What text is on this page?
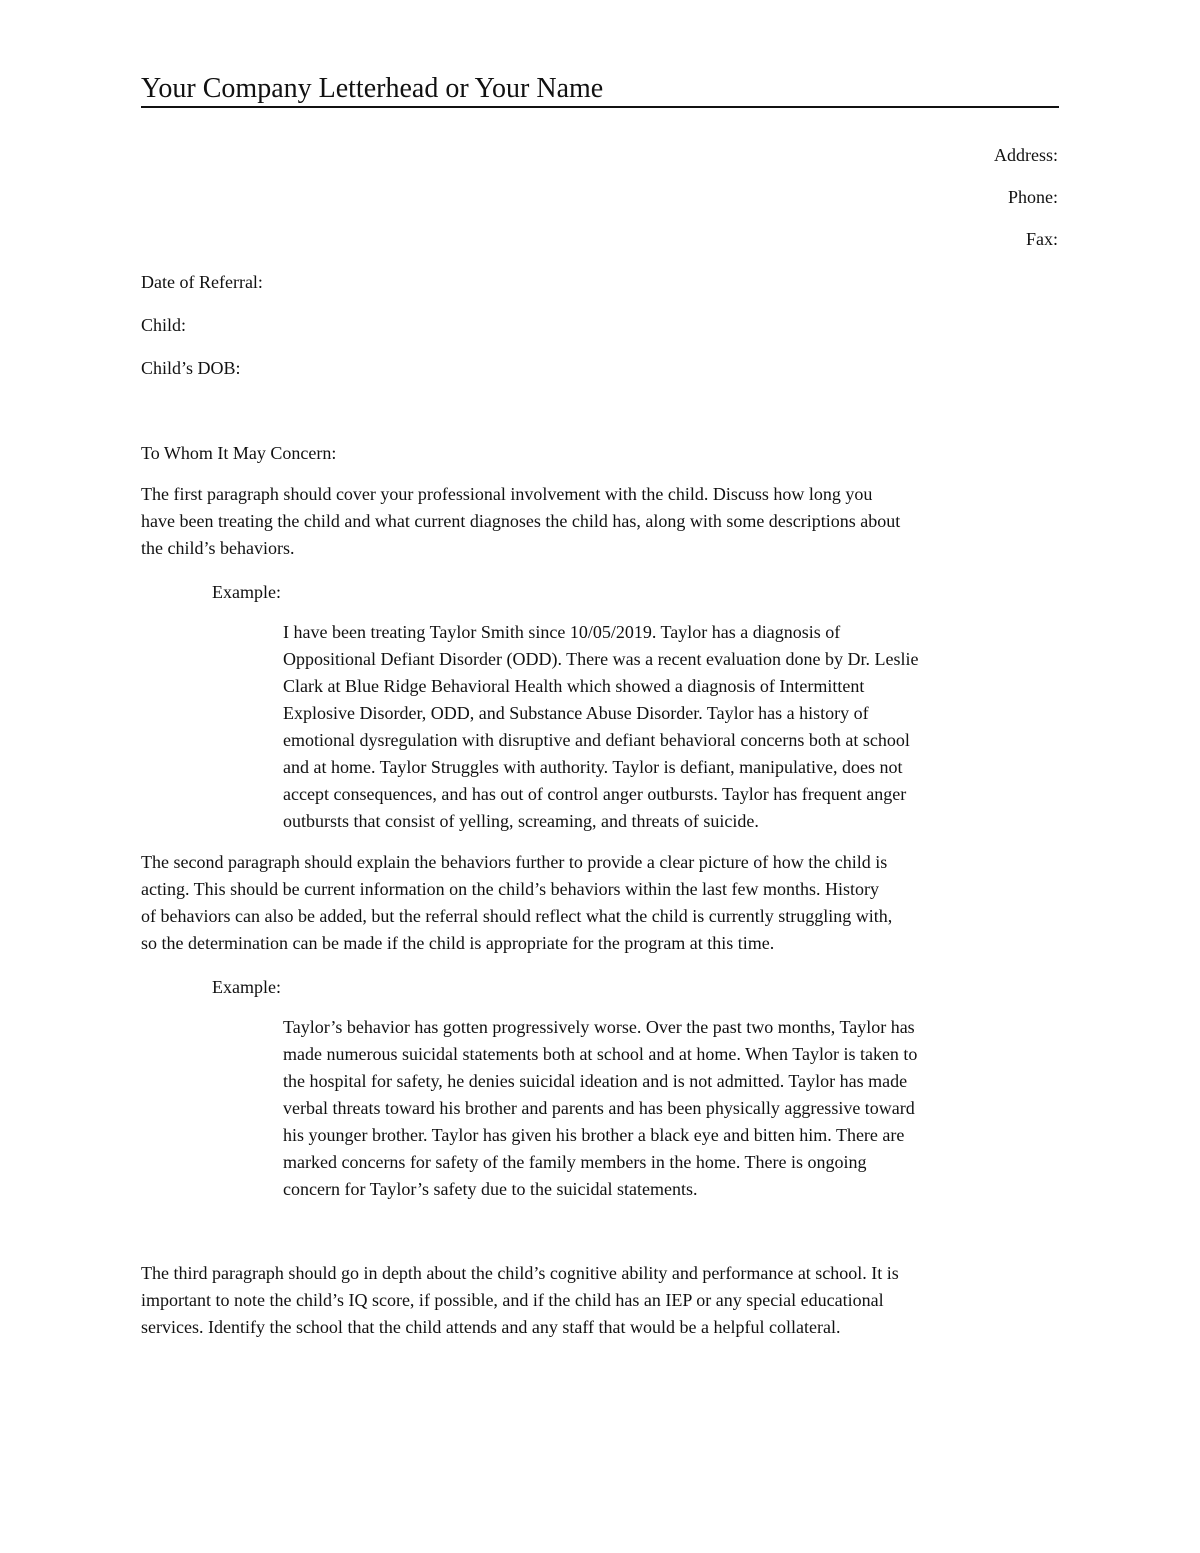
Your Company Letterhead or Your Name
Address:
Phone:
Fax:
Date of Referral:
Child:
Child’s DOB:
To Whom It May Concern:
The first paragraph should cover your professional involvement with the child. Discuss how long you
have been treating the child and what current diagnoses the child has, along with some descriptions about
the child’s behaviors.
Example:
I have been treating Taylor Smith since 10/05/2019. Taylor has a diagnosis of
Oppositional Defiant Disorder (ODD). There was a recent evaluation done by Dr. Leslie
Clark at Blue Ridge Behavioral Health which showed a diagnosis of Intermittent
Explosive Disorder, ODD, and Substance Abuse Disorder. Taylor has a history of
emotional dysregulation with disruptive and defiant behavioral concerns both at school
and at home. Taylor Struggles with authority. Taylor is defiant, manipulative, does not
accept consequences, and has out of control anger outbursts. Taylor has frequent anger
outbursts that consist of yelling, screaming, and threats of suicide.
The second paragraph should explain the behaviors further to provide a clear picture of how the child is
acting. This should be current information on the child’s behaviors within the last few months. History
of behaviors can also be added, but the referral should reflect what the child is currently struggling with,
so the determination can be made if the child is appropriate for the program at this time.
Example:
Taylor’s behavior has gotten progressively worse. Over the past two months, Taylor has
made numerous suicidal statements both at school and at home. When Taylor is taken to
the hospital for safety, he denies suicidal ideation and is not admitted. Taylor has made
verbal threats toward his brother and parents and has been physically aggressive toward
his younger brother. Taylor has given his brother a black eye and bitten him. There are
marked concerns for safety of the family members in the home. There is ongoing
concern for Taylor’s safety due to the suicidal statements.
The third paragraph should go in depth about the child’s cognitive ability and performance at school. It is
important to note the child’s IQ score, if possible, and if the child has an IEP or any special educational
services. Identify the school that the child attends and any staff that would be a helpful collateral.
